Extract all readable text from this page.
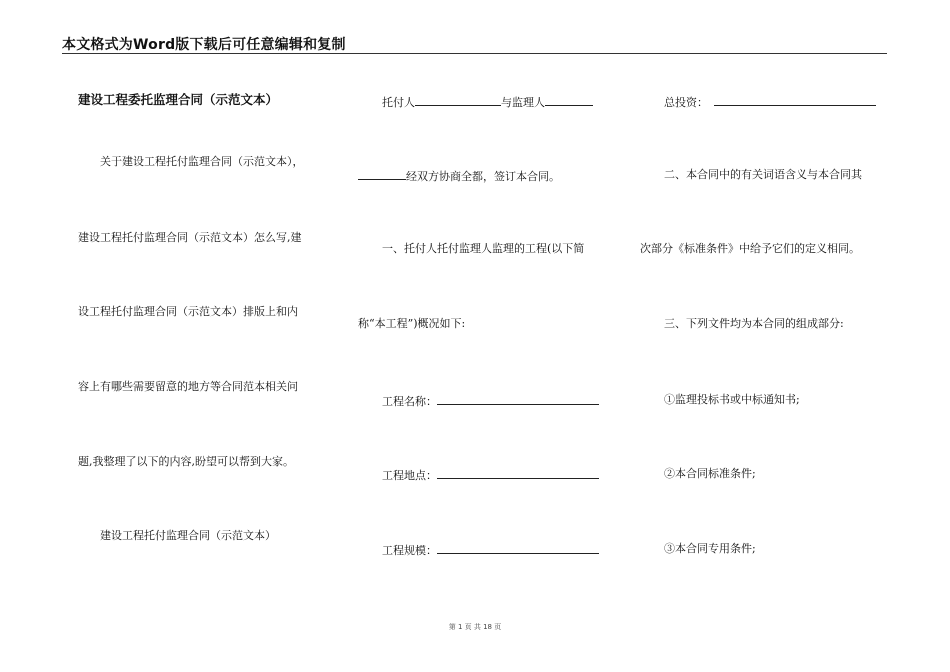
本文格式为Word版下载后可任意编辑和复制
建设工程委托监理合同（示范文本）
关于建设工程托付监理合同（示范文本），
建设工程托付监理合同（示范文本）怎么写,建
设工程托付监理合同（示范文本）排版上和内
容上有哪些需要留意的地方等合同范本相关问
题,我整理了以下的内容,盼望可以帮到大家。
建设工程托付监理合同（示范文本）
托付人	与监理人
经双方协商全都，签订本合同。
一、托付人托付监理人监理的工程(以下简
称“本工程”)概况如下:
工程名称：
工程地点：
工程规模：
总投资：
二、本合同中的有关词语含义与本合同其
次部分《标准条件》中给予它们的定义相同。
三、下列文件均为本合同的组成部分:
①监理投标书或中标通知书;
②本合同标准条件;
③本合同专用条件;
第 1 页 共 18 页
